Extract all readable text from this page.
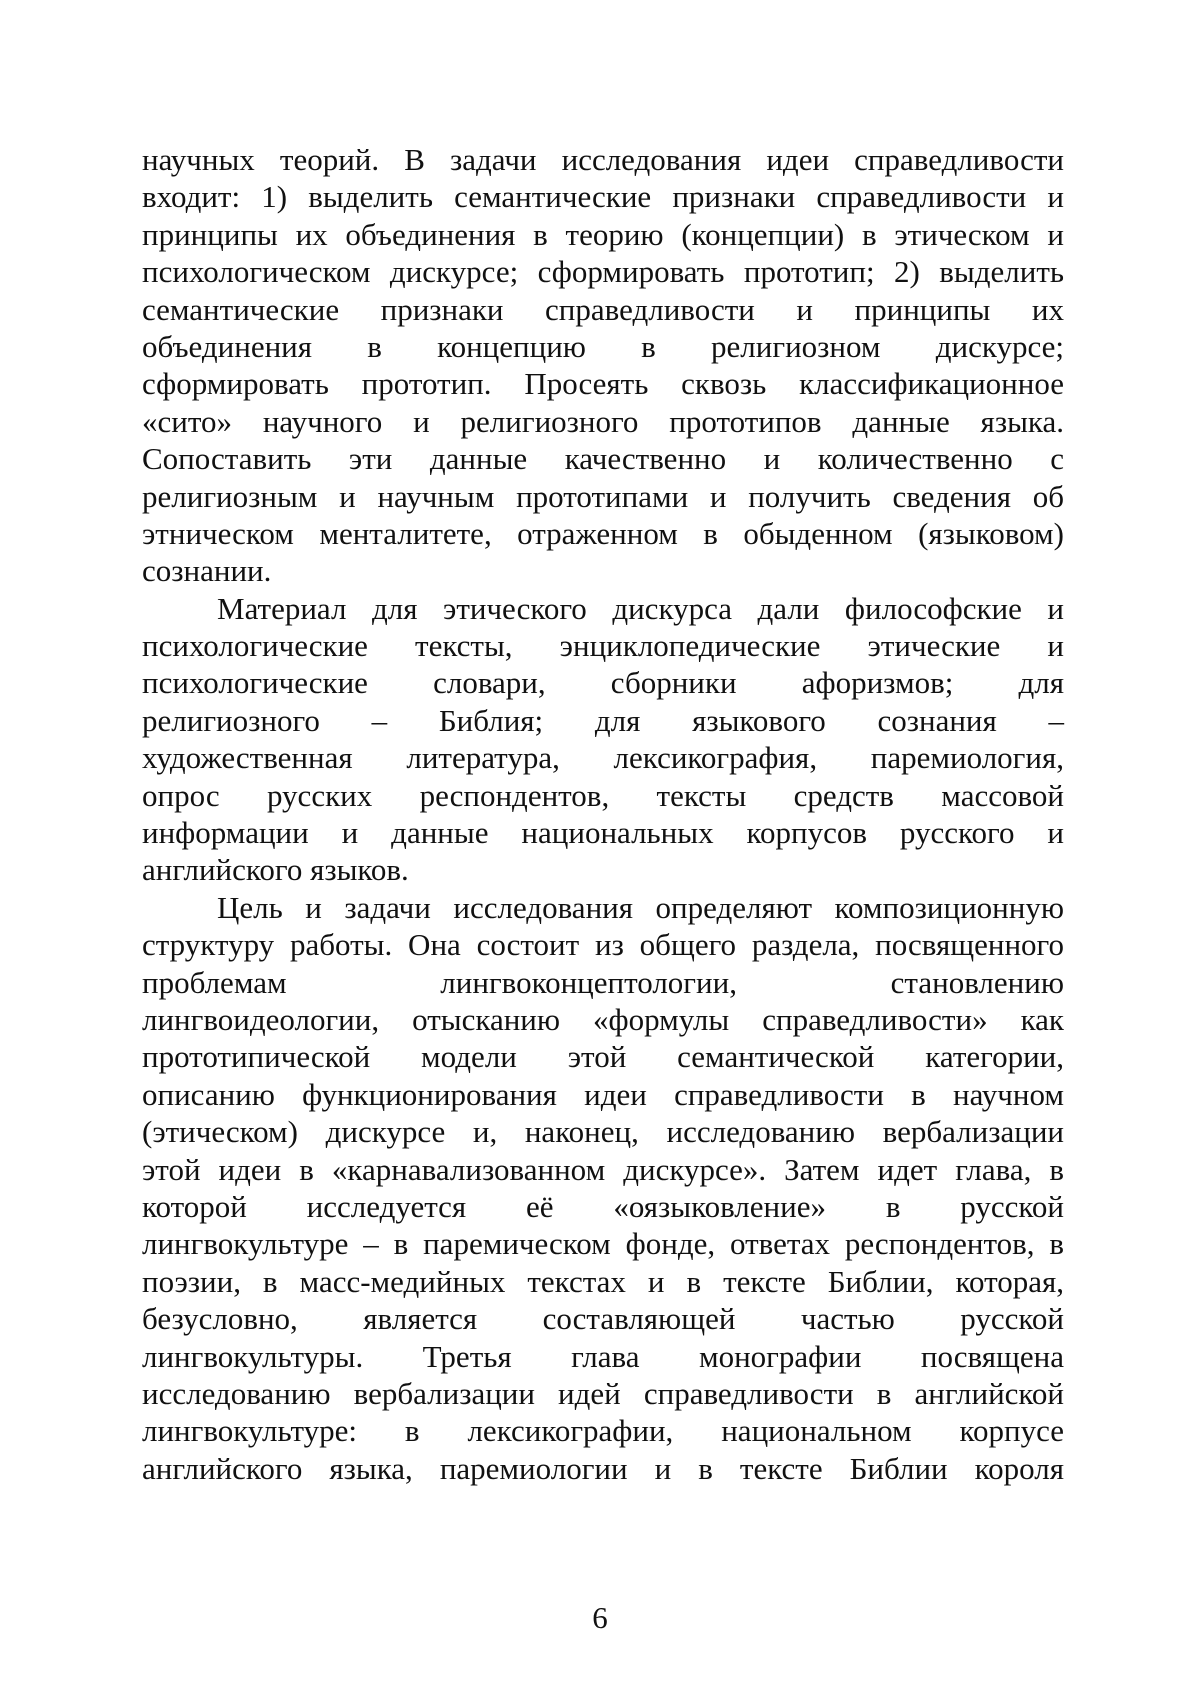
научных теорий. В задачи исследования идеи справедливости
входит: 1) выделить семантические признаки справедливости и
принципы их объединения в теорию (концепции) в этическом и
психологическом дискурсе; сформировать прототип; 2) выделить
семантические признаки справедливости и принципы их
объединения в концепцию в религиозном дискурсе;
сформировать прототип. Просеять сквозь классификационное
«сито» научного и религиозного прототипов данные языка.
Сопоставить эти данные качественно и количественно с
религиозным и научным прототипами и получить сведения об
этническом менталитете, отраженном в обыденном (языковом)
сознании.
Материал для этического дискурса дали философские и
психологические тексты, энциклопедические этические и
психологические словари, сборники афоризмов; для
религиозного – Библия; для языкового сознания –
художественная литература, лексикография, паремиология,
опрос русских респондентов, тексты средств массовой
информации и данные национальных корпусов русского и
английского языков.
Цель и задачи исследования определяют композиционную
структуру работы. Она состоит из общего раздела, посвященного
проблемам лингвоконцептологии, становлению
лингвоидеологии, отысканию «формулы справедливости» как
прототипической модели этой семантической категории,
описанию функционирования идеи справедливости в научном
(этическом) дискурсе и, наконец, исследованию вербализации
этой идеи в «карнавализованном дискурсе». Затем идет глава, в
которой исследуется её «оязыковление» в русской
лингвокультуре – в паремическом фонде, ответах респондентов, в
поэзии, в масс-медийных текстах и в тексте Библии, которая,
безусловно, является составляющей частью русской
лингвокультуры. Третья глава монографии посвящена
исследованию вербализации идей справедливости в английской
лингвокультуре: в лексикографии, национальном корпусе
английского языка, паремиологии и в тексте Библии короля
6
